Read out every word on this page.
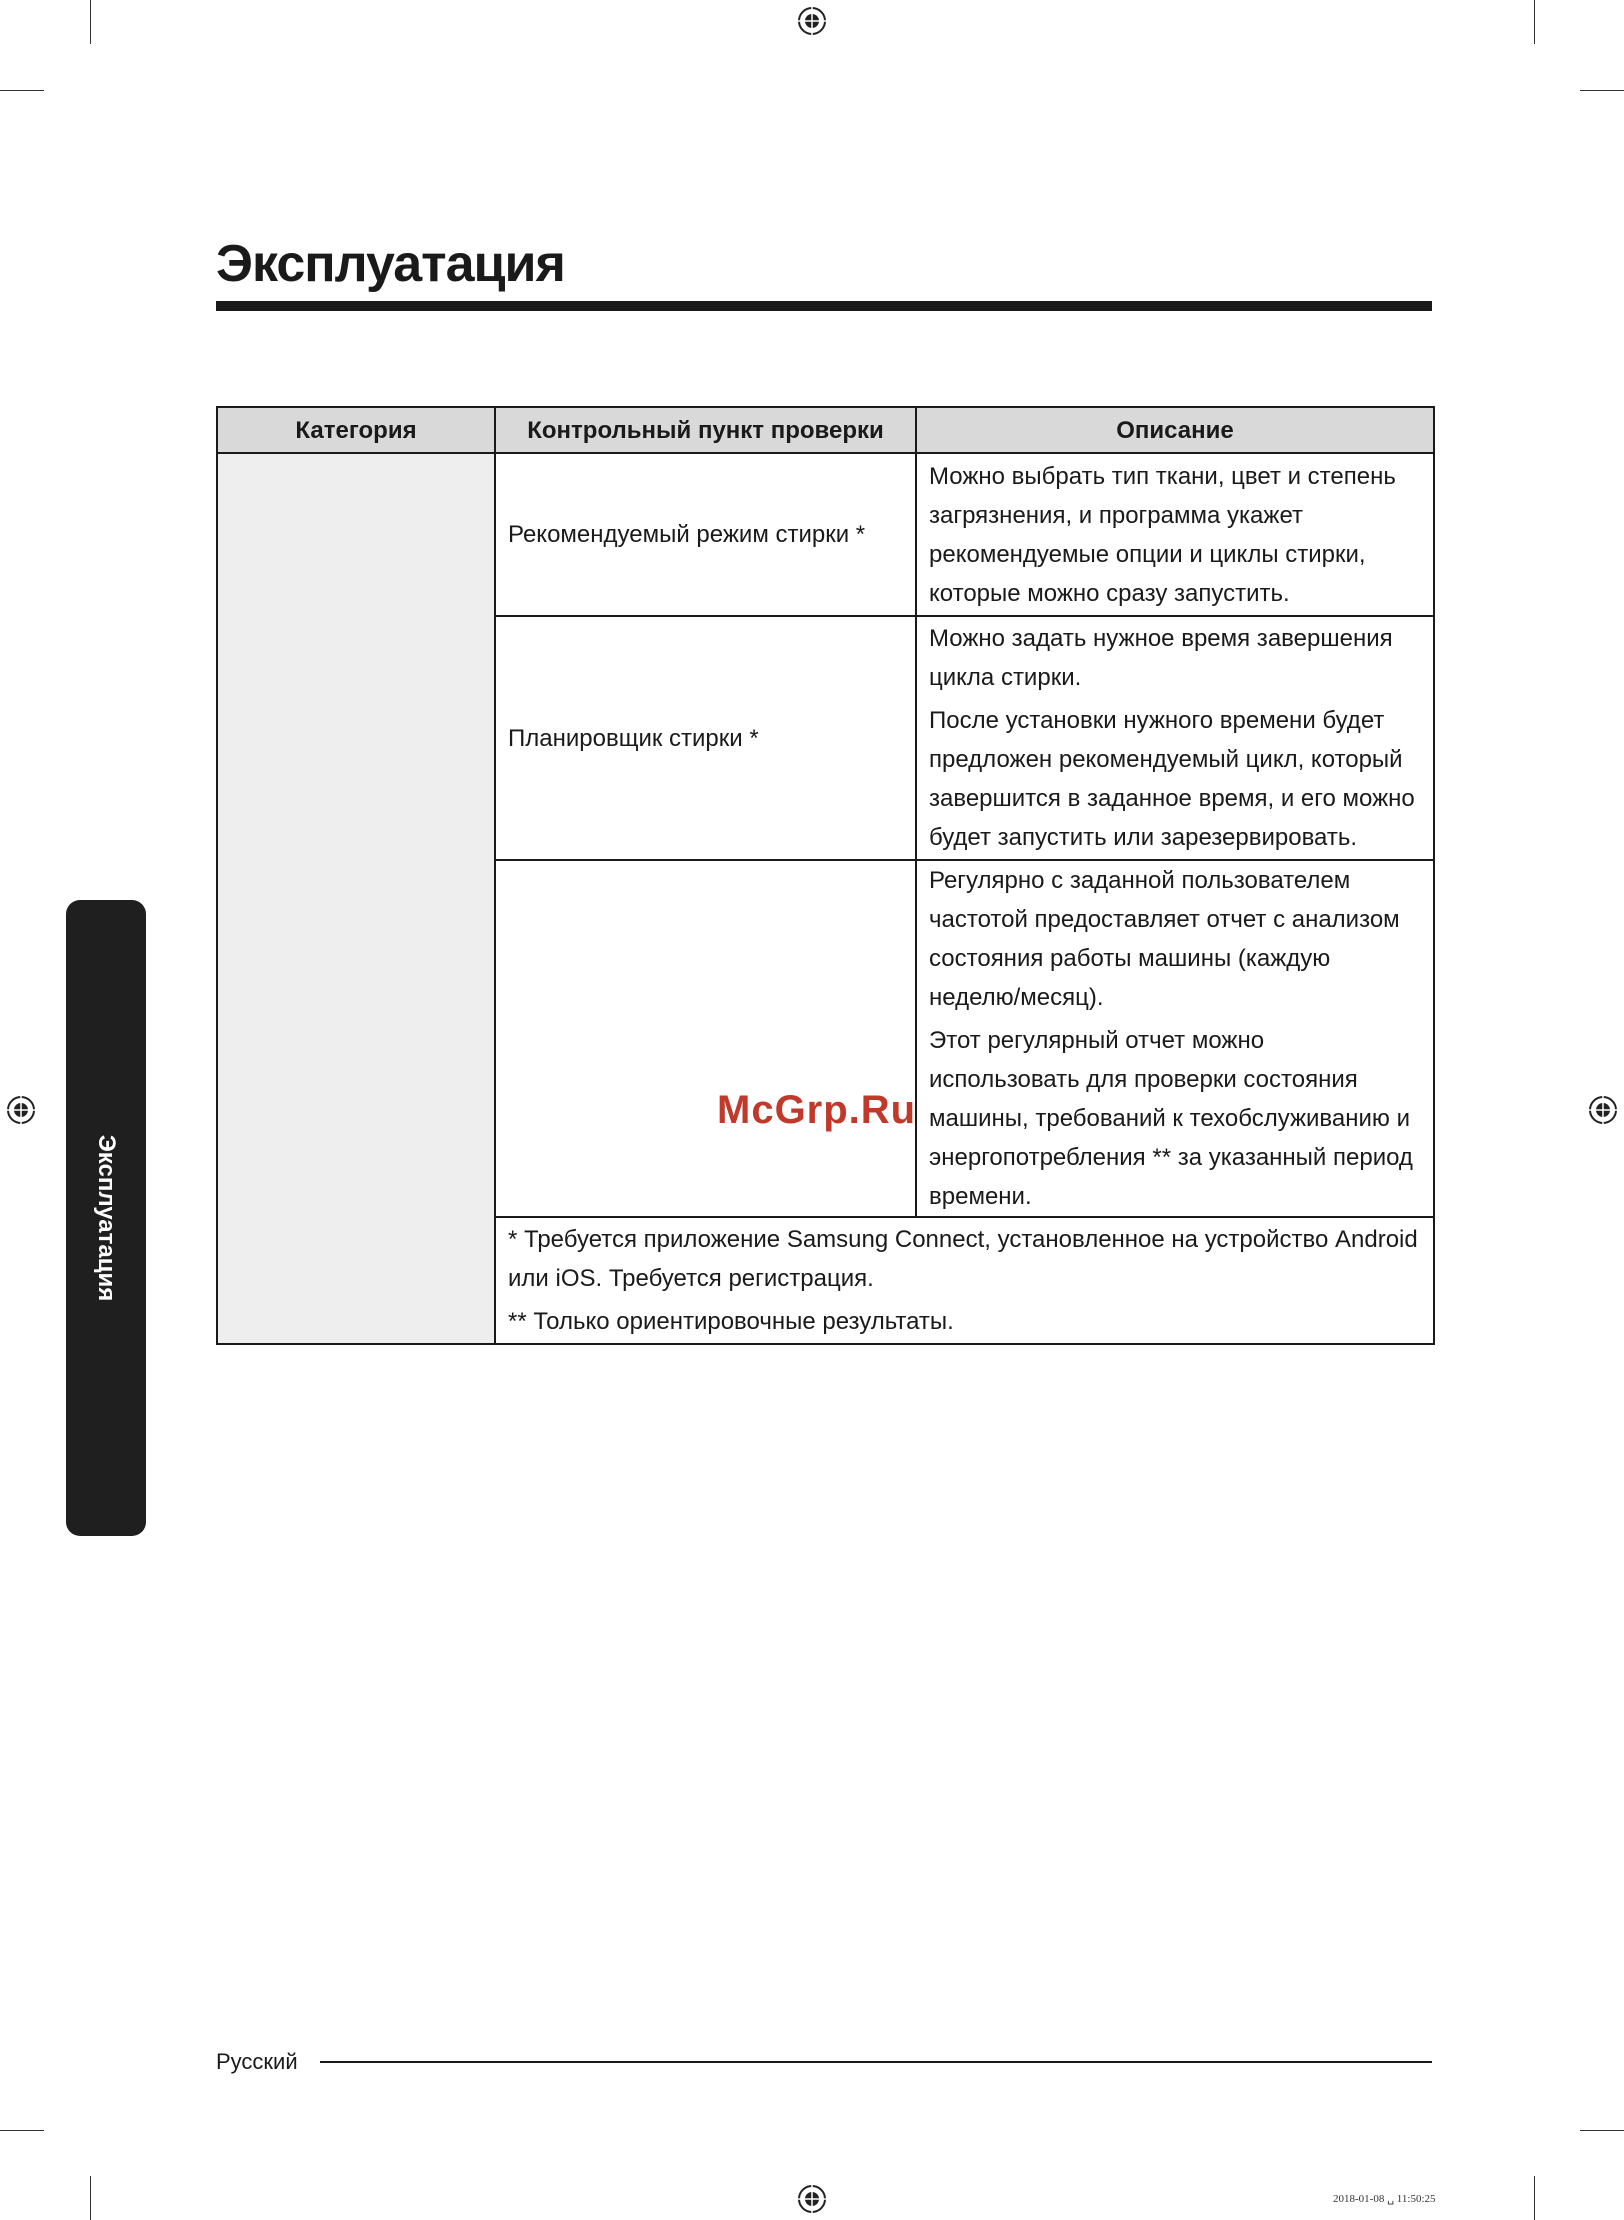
Эксплуатация
Категория	Контрольный пункт проверки	Описание
	Рекомендуемый режим стирки *	Можно выбрать тип ткани, цвет и степень загрязнения, и программа укажет рекомендуемые опции и циклы стирки, которые можно сразу запустить.

	Планировщик стирки *	Можно задать нужное время завершения цикла стирки.

После установки нужного времени будет предложен рекомендуемый цикл, который завершится в заданное время, и его можно будет запустить или зарезервировать.

		Регулярно с заданной пользователем частотой предоставляет отчет с анализом состояния работы машины (каждую неделю/месяц).

Этот регулярный отчет можно использовать для проверки состояния машины, требований к техобслуживанию и энергопотребления ** за указанный период времени.

	* Требуется приложение Samsung Connect, установленное на устройство Android или iOS. Требуется регистрация.

** Только ориентировочные результаты.	

Эксплуатация
McGrp.Ru
Русский
2018-01-08 ␣ 11:50:25
